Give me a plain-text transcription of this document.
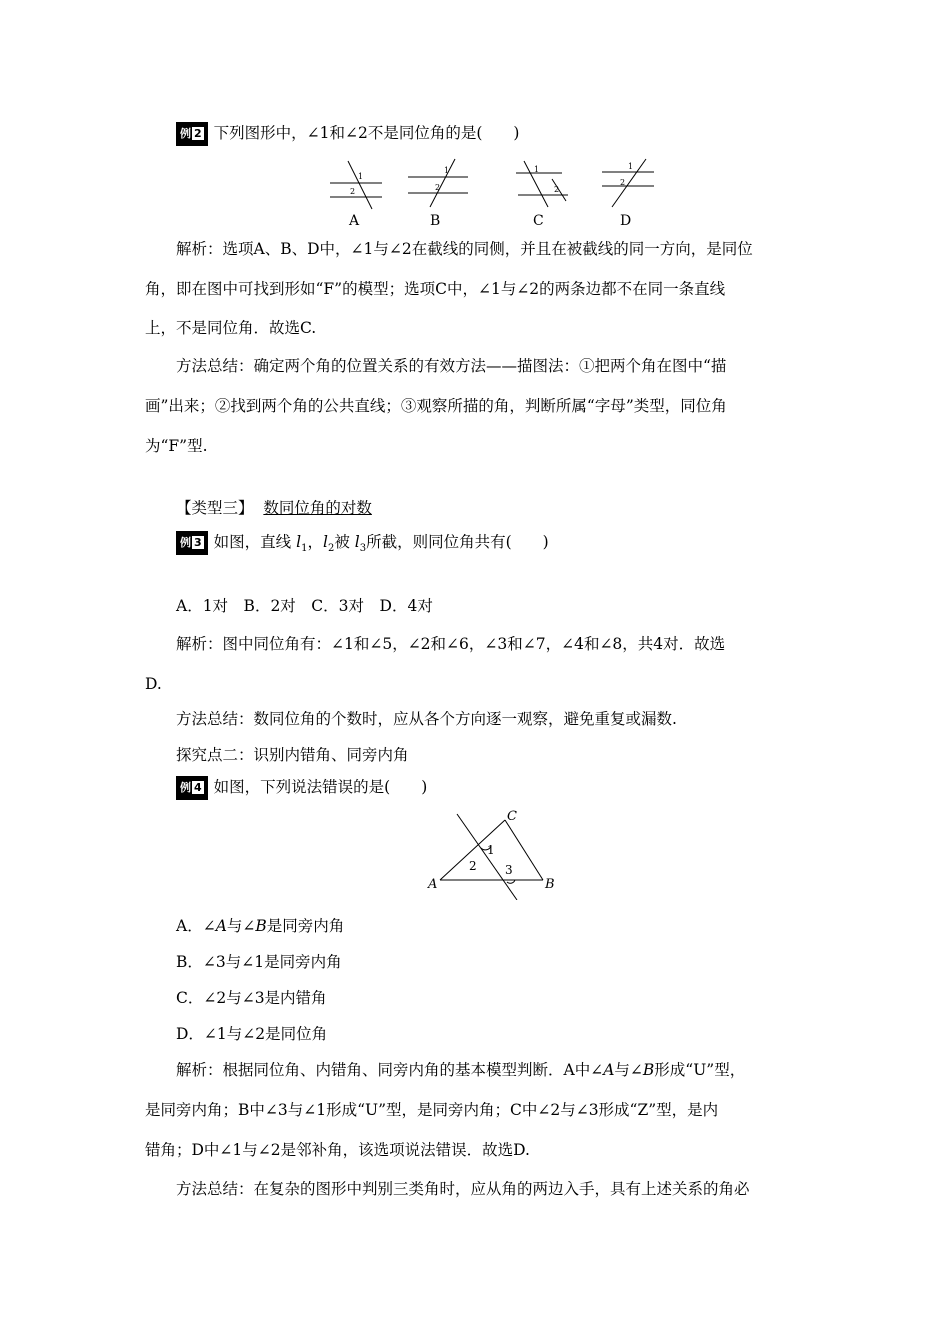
例 2 下列图形中，∠1和∠2不是同位角的是(　　)
1
2
1
2
1
2
1
2
A	B	C	D
解析：选项A、B、D中，∠1与∠2在截线的同侧，并且在被截线的同一方向，是同位
角，即在图中可找到形如“F”的模型；选项C中，∠1与∠2的两条边都不在同一条直线
上，不是同位角．故选C.
方法总结：确定两个角的位置关系的有效方法——描图法：①把两个角在图中“描
画”出来；②找到两个角的公共直线；③观察所描的角，判断所属“字母”类型，同位角
为“F”型.
【类型三】 数同位角的对数
例 3 如图，直线 $l_1$，$l_2$被 $l_3$所截，则同位角共有(　　)
A．1对　B．2对　C．3对　D．4对
解析：图中同位角有：∠1和∠5，∠2和∠6，∠3和∠7，∠4和∠8，共4对．故选
D.
方法总结：数同位角的个数时，应从各个方向逐一观察，避免重复或漏数.
探究点二：识别内错角、同旁内角
例 4 如图，下列说法错误的是(　　)
A	B
C
1
2 3
A．∠A与∠B是同旁内角
B．∠3与∠1是同旁内角
C．∠2与∠3是内错角
D．∠1与∠2是同位角
解析：根据同位角、内错角、同旁内角的基本模型判断．A中∠A与∠B形成“U”型，
是同旁内角；B中∠3与∠1形成“U”型，是同旁内角；C中∠2与∠3形成“Z”型，是内
错角；D中∠1与∠2是邻补角，该选项说法错误．故选D.
方法总结：在复杂的图形中判别三类角时，应从角的两边入手，具有上述关系的角必
